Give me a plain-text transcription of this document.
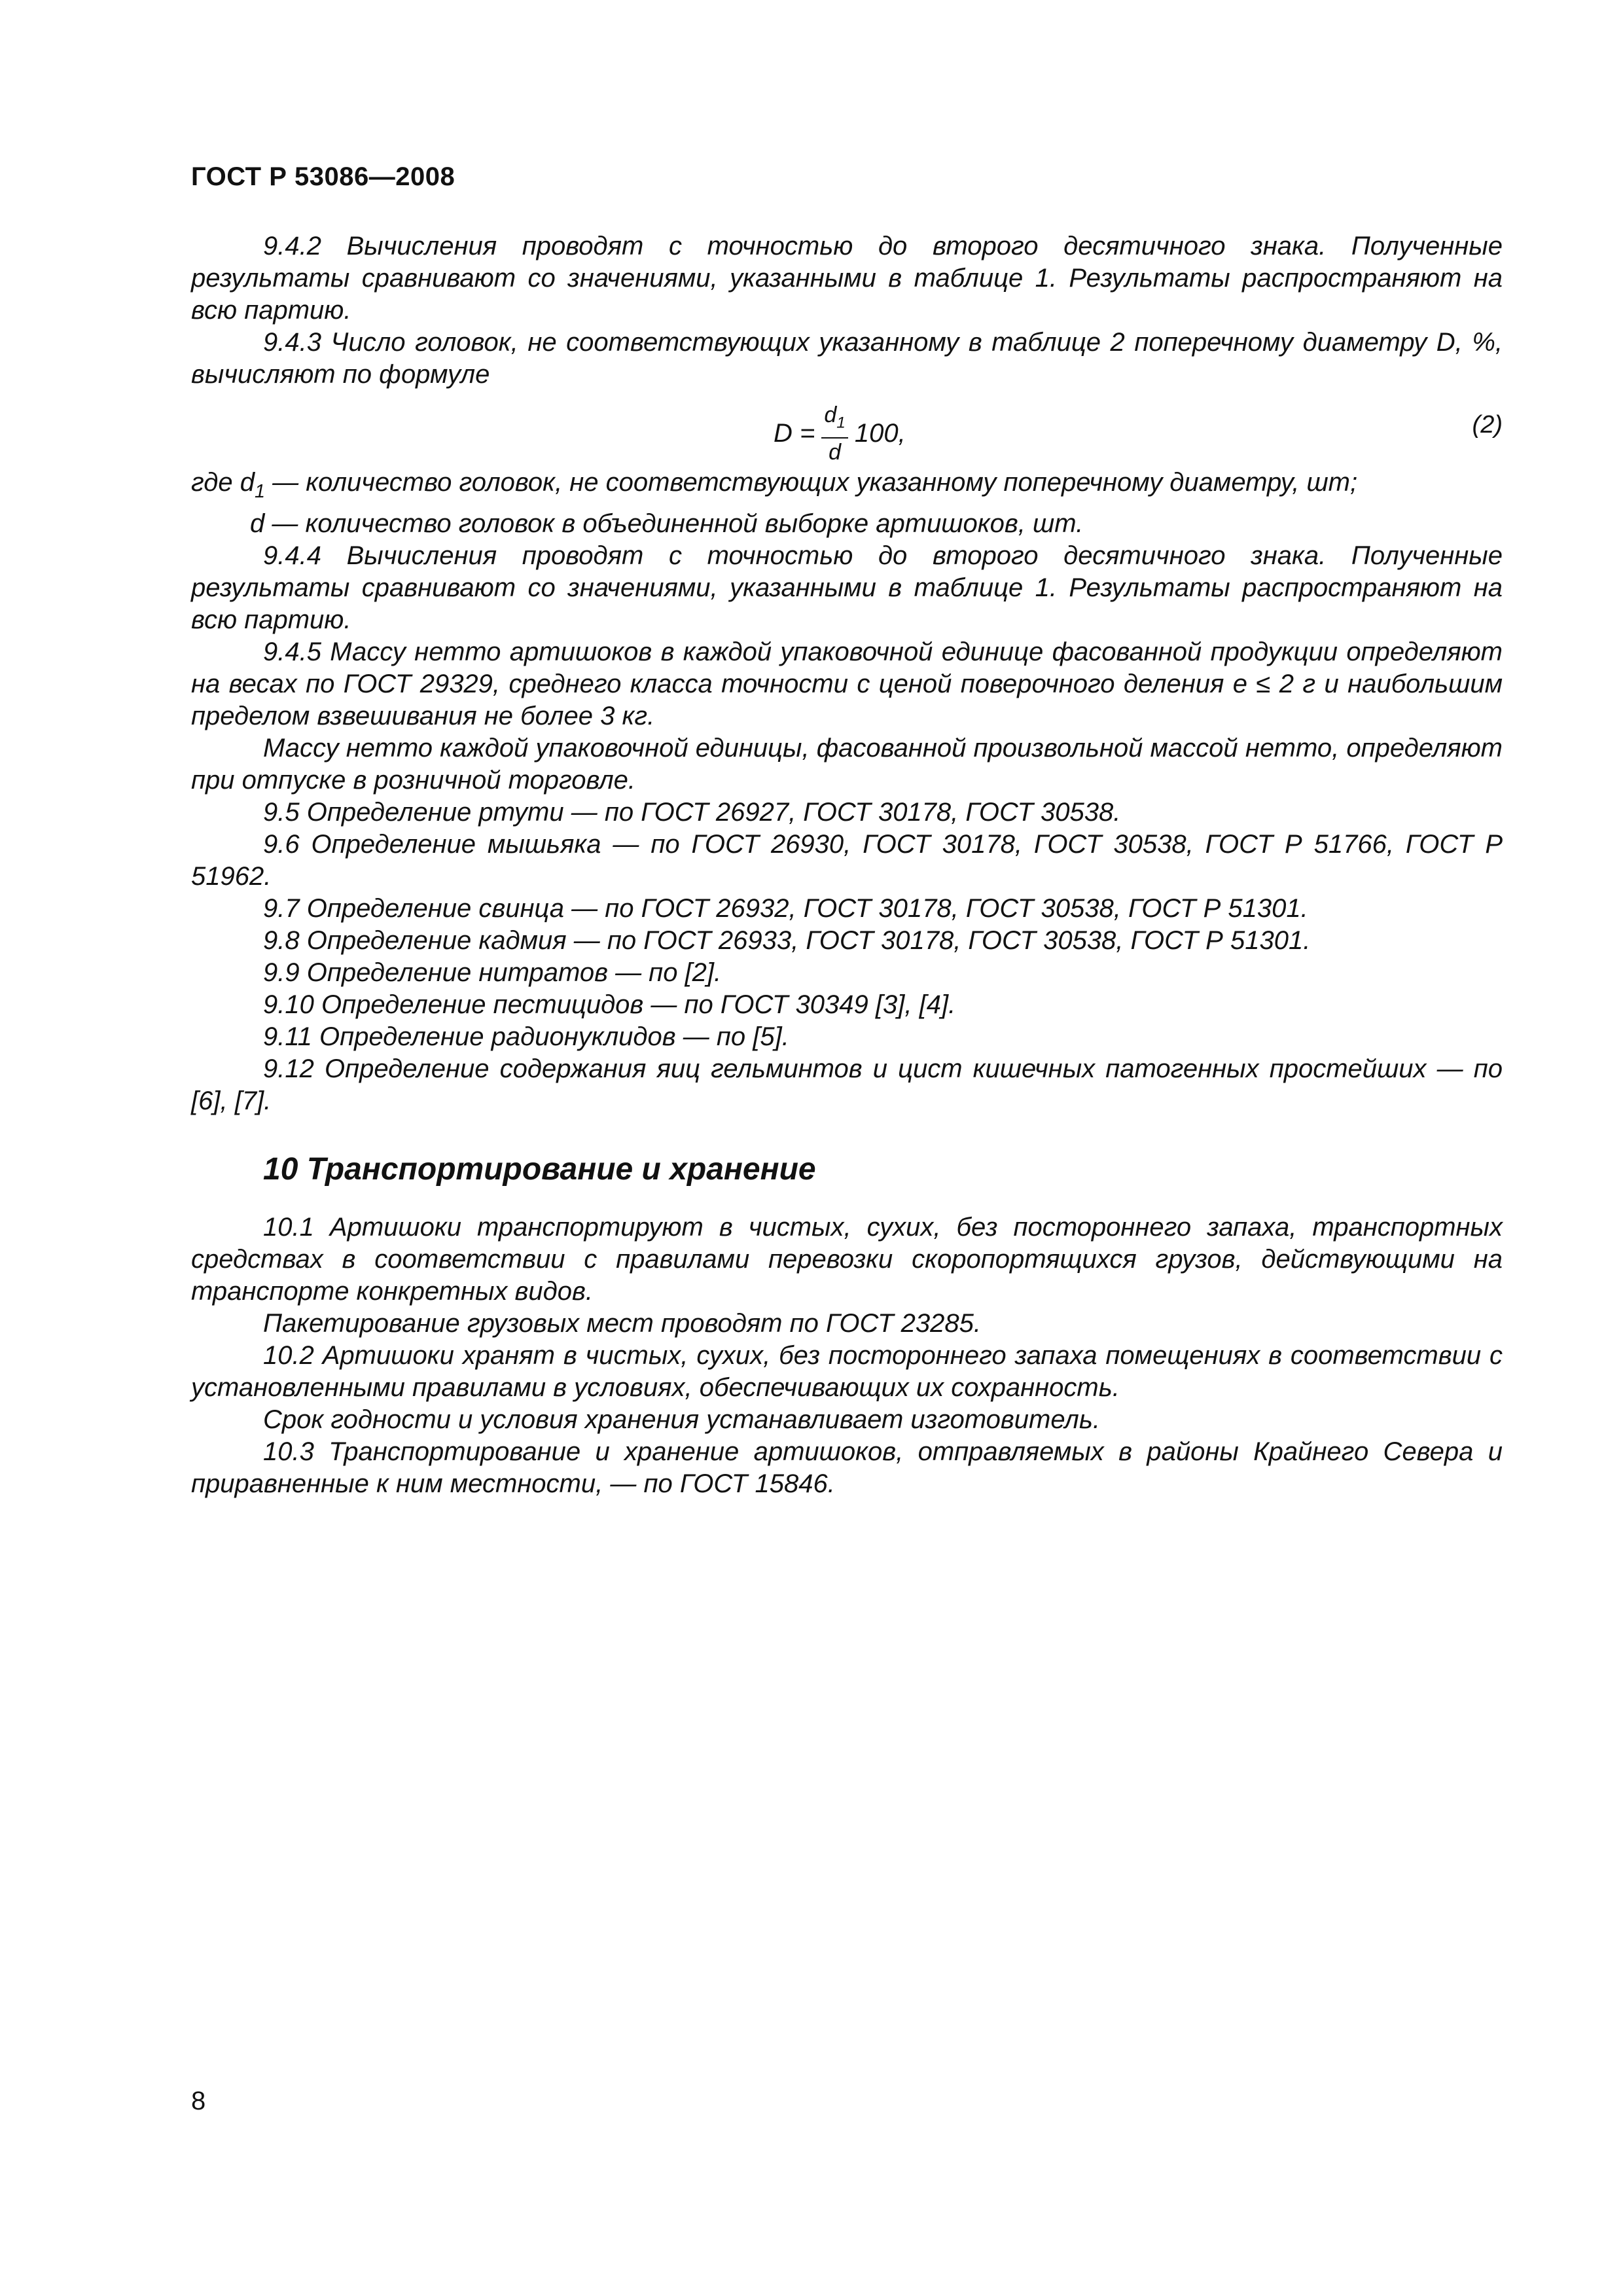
ГОСТ Р 53086—2008

9.4.2 Вычисления проводят с точностью до второго десятичного знака. Полученные результаты сравнивают со значениями, указанными в таблице 1. Результаты распространяют на всю партию.

9.4.3 Число головок, не соответствующих указанному в таблице 2 поперечному диаметру D, %, вычисляют по формуле

$D = \frac{d_1}{d} 100$,	(2)

где $d_1$ — количество головок, не соответствующих указанному поперечному диаметру, шт;

d — количество головок в объединенной выборке артишоков, шт.

9.4.4 Вычисления проводят с точностью до второго десятичного знака. Полученные результаты сравнивают со значениями, указанными в таблице 1. Результаты распространяют на всю партию.

9.4.5 Массу нетто артишоков в каждой упаковочной единице фасованной продукции определяют на весах по ГОСТ 29329, среднего класса точности с ценой поверочного деления е ≤ 2 г и наибольшим пределом взвешивания не более 3 кг.

Массу нетто каждой упаковочной единицы, фасованной произвольной массой нетто, определяют при отпуске в розничной торговле.

9.5 Определение ртути — по ГОСТ 26927, ГОСТ 30178, ГОСТ 30538.

9.6 Определение мышьяка — по ГОСТ 26930, ГОСТ 30178, ГОСТ 30538, ГОСТ Р 51766, ГОСТ Р 51962.

9.7 Определение свинца — по ГОСТ 26932, ГОСТ 30178, ГОСТ 30538, ГОСТ Р 51301.

9.8 Определение кадмия — по ГОСТ 26933, ГОСТ 30178, ГОСТ 30538, ГОСТ Р 51301.

9.9 Определение нитратов — по [2].

9.10 Определение пестицидов — по ГОСТ 30349 [3], [4].

9.11 Определение радионуклидов — по [5].

9.12 Определение содержания яиц гельминтов и цист кишечных патогенных простейших — по [6], [7].

10 Транспортирование и хранение

10.1 Артишоки транспортируют в чистых, сухих, без постороннего запаха, транспортных средствах в соответствии с правилами перевозки скоропортящихся грузов, действующими на транспорте конкретных видов.

Пакетирование грузовых мест проводят по ГОСТ 23285.

10.2 Артишоки хранят в чистых, сухих, без постороннего запаха помещениях в соответствии с установленными правилами в условиях, обеспечивающих их сохранность.

Срок годности и условия хранения устанавливает изготовитель.

10.3 Транспортирование и хранение артишоков, отправляемых в районы Крайнего Севера и приравненные к ним местности, — по ГОСТ 15846.

8
